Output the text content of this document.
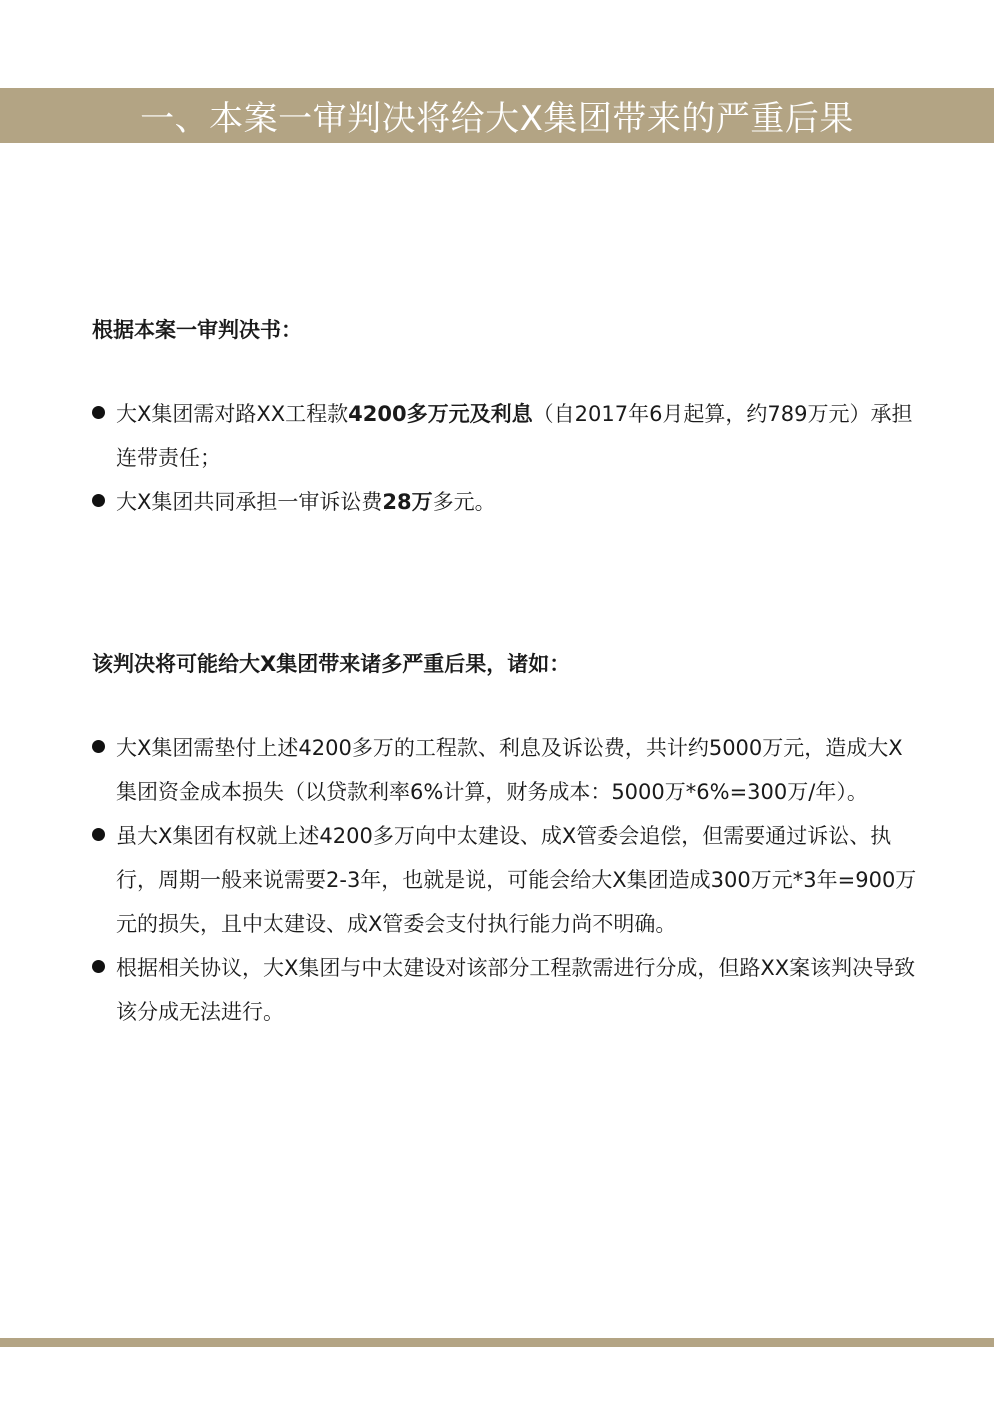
一、本案一审判决将给大X集团带来的严重后果
根据本案一审判决书：
大X集团需对路XX工程款4200多万元及利息（自2017年6月起算，约789万元）承担连带责任；
大X集团共同承担一审诉讼费28万多元。
该判决将可能给大X集团带来诸多严重后果，诸如：
大X集团需垫付上述4200多万的工程款、利息及诉讼费，共计约5000万元，造成大X集团资金成本损失（以贷款利率6%计算，财务成本：5000万*6%=300万/年）。
虽大X集团有权就上述4200多万向中太建设、成X管委会追偿，但需要通过诉讼、执行，周期一般来说需要2-3年，也就是说，可能会给大X集团造成300万元*3年=900万元的损失，且中太建设、成X管委会支付执行能力尚不明确。
根据相关协议，大X集团与中太建设对该部分工程款需进行分成，但路XX案该判决导致该分成无法进行。
